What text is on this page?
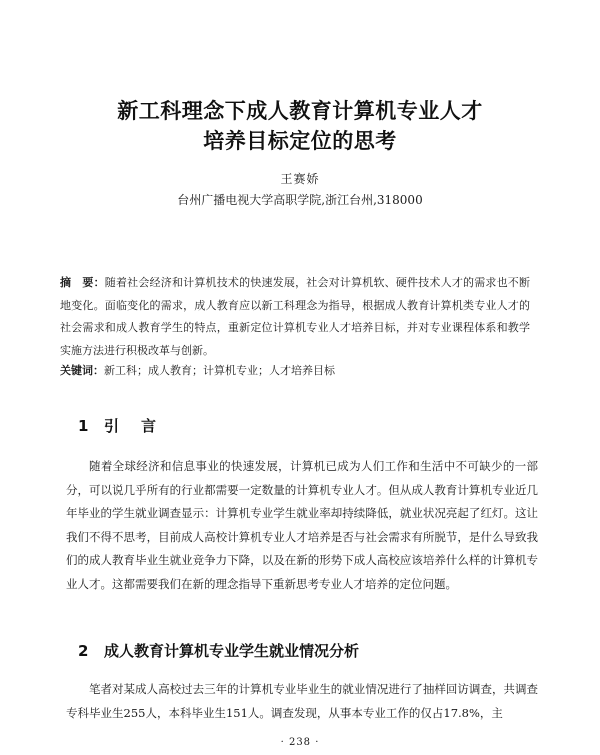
新工科理念下成人教育计算机专业人才
培养目标定位的思考
王赛娇
台州广播电视大学高职学院,浙江台州,318000
摘　要：随着社会经济和计算机技术的快速发展，社会对计算机软、硬件技术人才的需求也不断地变化。面临变化的需求，成人教育应以新工科理念为指导，根据成人教育计算机类专业人才的社会需求和成人教育学生的特点，重新定位计算机专业人才培养目标，并对专业课程体系和教学实施方法进行积极改革与创新。
关键词：新工科；成人教育；计算机专业；人才培养目标
1 引言
随着全球经济和信息事业的快速发展，计算机已成为人们工作和生活中不可缺少的一部分，可以说几乎所有的行业都需要一定数量的计算机专业人才。但从成人教育计算机专业近几年毕业的学生就业调查显示：计算机专业学生就业率却持续降低，就业状况亮起了红灯。这让我们不得不思考，目前成人高校计算机专业人才培养是否与社会需求有所脱节，是什么导致我们的成人教育毕业生就业竞争力下降，以及在新的形势下成人高校应该培养什么样的计算机专业人才。这都需要我们在新的理念指导下重新思考专业人才培养的定位问题。
2 成人教育计算机专业学生就业情况分析
笔者对某成人高校过去三年的计算机专业毕业生的就业情况进行了抽样回访调查，共调查专科毕业生255人，本科毕业生151人。调查发现，从事本专业工作的仅占17.8%，主
· 238 ·
